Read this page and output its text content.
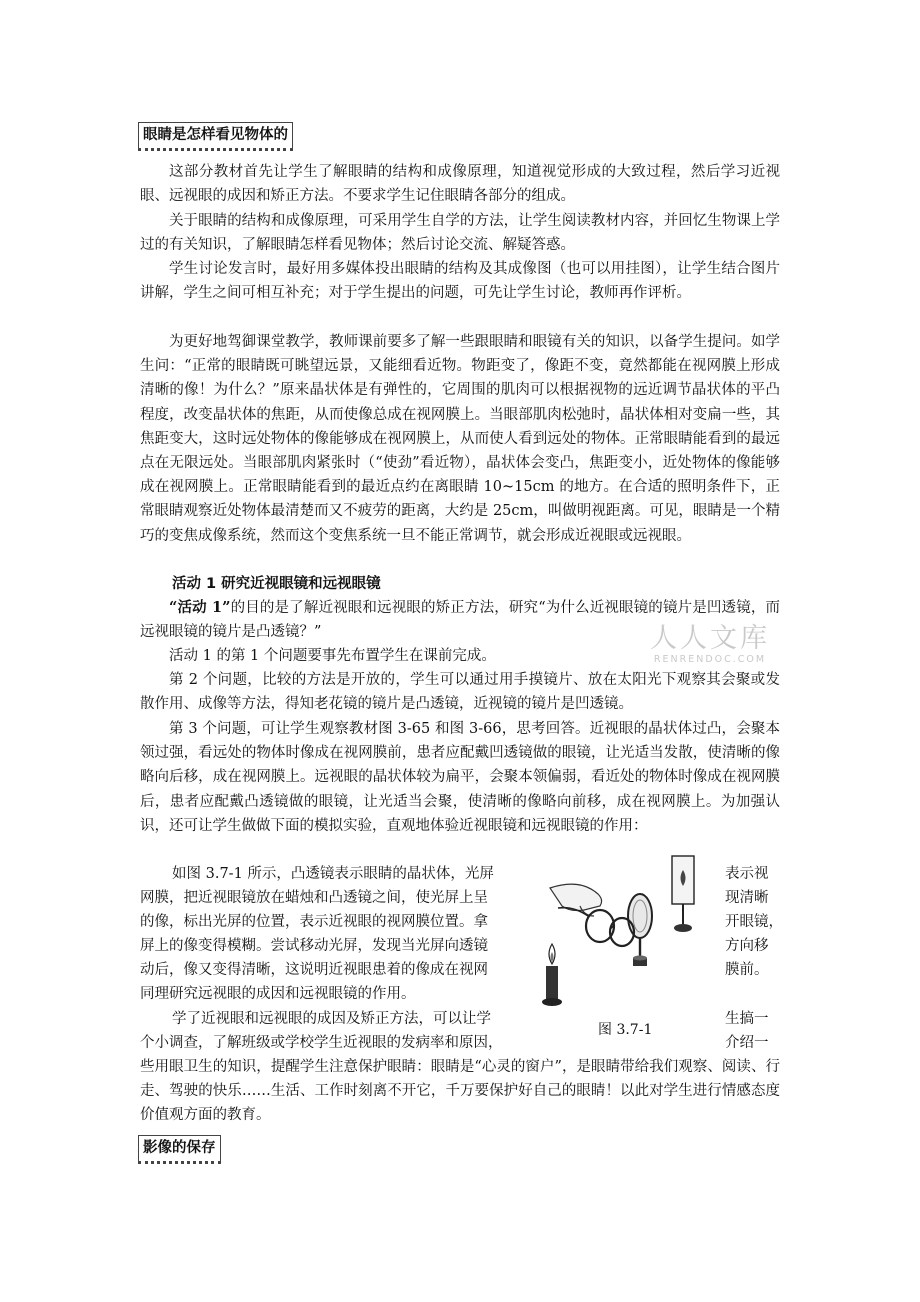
眼睛是怎样看见物体的

这部分教材首先让学生了解眼睛的结构和成像原理，知道视觉形成的大致过程，然后学习近视眼、远视眼的成因和矫正方法。不要求学生记住眼睛各部分的组成。

关于眼睛的结构和成像原理，可采用学生自学的方法，让学生阅读教材内容，并回忆生物课上学过的有关知识，了解眼睛怎样看见物体；然后讨论交流、解疑答惑。

学生讨论发言时，最好用多媒体投出眼睛的结构及其成像图（也可以用挂图），让学生结合图片讲解，学生之间可相互补充；对于学生提出的问题，可先让学生讨论，教师再作评析。

为更好地驾御课堂教学，教师课前要多了解一些跟眼睛和眼镜有关的知识，以备学生提问。如学生问：“正常的眼睛既可眺望远景，又能细看近物。物距变了，像距不变，竟然都能在视网膜上形成清晰的像！为什么？”原来晶状体是有弹性的，它周围的肌肉可以根据视物的远近调节晶状体的平凸程度，改变晶状体的焦距，从而使像总成在视网膜上。当眼部肌肉松弛时，晶状体相对变扁一些，其焦距变大，这时远处物体的像能够成在视网膜上，从而使人看到远处的物体。正常眼睛能看到的最远点在无限远处。当眼部肌肉紧张时（“使劲”看近物），晶状体会变凸，焦距变小，近处物体的像能够成在视网膜上。正常眼睛能看到的最近点约在离眼睛 10~15cm 的地方。在合适的照明条件下，正常眼睛观察近处物体最清楚而又不疲劳的距离，大约是 25cm，叫做明视距离。可见，眼睛是一个精巧的变焦成像系统，然而这个变焦系统一旦不能正常调节，就会形成近视眼或远视眼。

活动 1 研究近视眼镜和远视眼镜

“活动 1”的目的是了解近视眼和远视眼的矫正方法，研究“为什么近视眼镜的镜片是凹透镜，而远视眼镜的镜片是凸透镜？”

活动 1 的第 1 个问题要事先布置学生在课前完成。

第 2 个问题，比较的方法是开放的，学生可以通过用手摸镜片、放在太阳光下观察其会聚或发散作用、成像等方法，得知老花镜的镜片是凸透镜，近视镜的镜片是凹透镜。

第 3 个问题，可让学生观察教材图 3-65 和图 3-66，思考回答。近视眼的晶状体过凸，会聚本领过强，看远处的物体时像成在视网膜前，患者应配戴凹透镜做的眼镜，让光适当发散，使清晰的像略向后移，成在视网膜上。远视眼的晶状体较为扁平，会聚本领偏弱，看近处的物体时像成在视网膜后，患者应配戴凸透镜做的眼镜，让光适当会聚，使清晰的像略向前移，成在视网膜上。为加强认识，还可让学生做做下面的模拟实验，直观地体验近视眼镜和远视眼镜的作用：

人人文库
RENRENDOC.COM
如图 3.7-1 所示，凸透镜表示眼睛的晶状体，光屏
网膜，把近视眼镜放在蜡烛和凸透镜之间，使光屏上呈
的像，标出光屏的位置，表示近视眼的视网膜位置。拿
屏上的像变得模糊。尝试移动光屏，发现当光屏向透镜
动后，像又变得清晰，这说明近视眼患着的像成在视网
同理研究远视眼的成因和远视眼镜的作用。
学了近视眼和远视眼的成因及矫正方法，可以让学
个小调查，了解班级或学校学生近视眼的发病率和原因，
表示视
现清晰
开眼镜，
方向移
膜前。
生搞一
介绍一
图 3.7-1

些用眼卫生的知识，提醒学生注意保护眼睛：眼睛是“心灵的窗户”，是眼睛带给我们观察、阅读、行走、驾驶的快乐……生活、工作时刻离不开它，千万要保护好自己的眼睛！以此对学生进行情感态度价值观方面的教育。

影像的保存
